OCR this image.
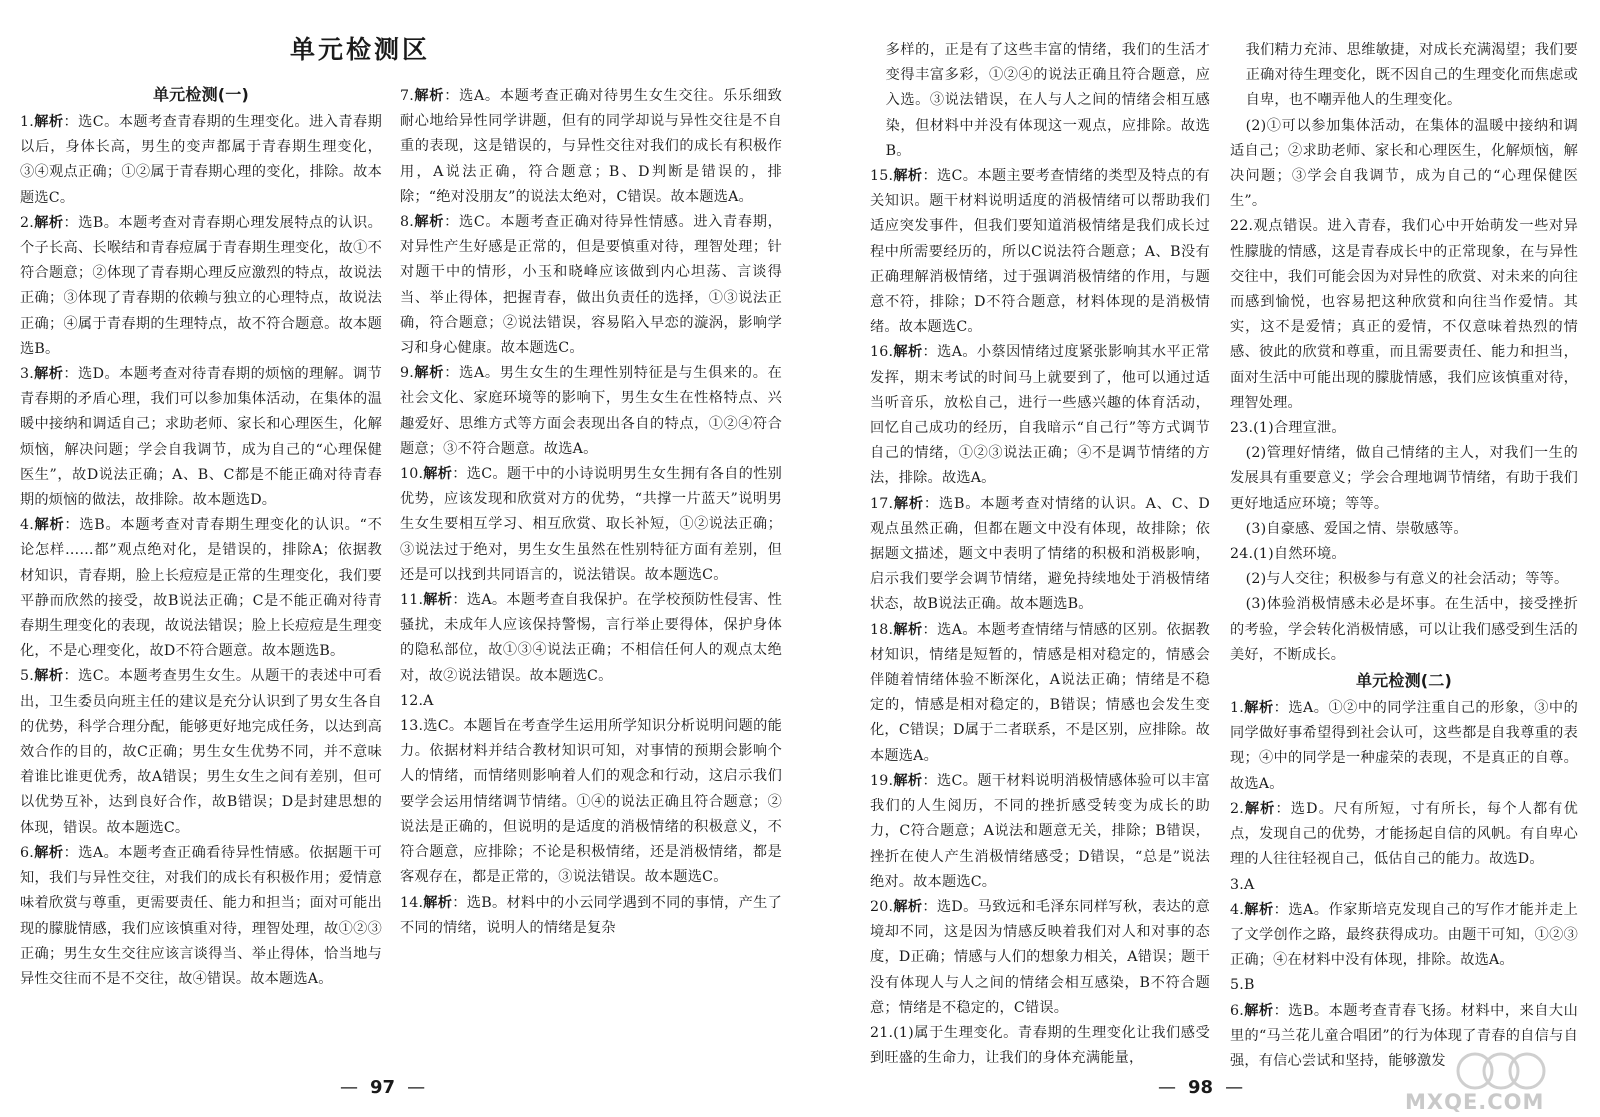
单元检测区
单元检测(一)

1.解析：选C。本题考查青春期的生理变化。进入青春期以后，身体长高，男生的变声都属于青春期生理变化，③④观点正确；①②属于青春期心理的变化，排除。故本题选C。

2.解析：选B。本题考查对青春期心理发展特点的认识。个子长高、长喉结和青春痘属于青春期生理变化，故①不符合题意；②体现了青春期心理反应激烈的特点，故说法正确；③体现了青春期的依赖与独立的心理特点，故说法正确；④属于青春期的生理特点，故不符合题意。故本题选B。

3.解析：选D。本题考查对待青春期的烦恼的理解。调节青春期的矛盾心理，我们可以参加集体活动，在集体的温暖中接纳和调适自己；求助老师、家长和心理医生，化解烦恼，解决问题；学会自我调节，成为自己的“心理保健医生”，故D说法正确；A、B、C都是不能正确对待青春期的烦恼的做法，故排除。故本题选D。

4.解析：选B。本题考查对青春期生理变化的认识。“不论怎样……都”观点绝对化，是错误的，排除A；依据教材知识，青春期，脸上长痘痘是正常的生理变化，我们要平静而欣然的接受，故B说法正确；C是不能正确对待青春期生理变化的表现，故说法错误；脸上长痘痘是生理变化，不是心理变化，故D不符合题意。故本题选B。

5.解析：选C。本题考查男生女生。从题干的表述中可看出，卫生委员向班主任的建议是充分认识到了男女生各自的优势，科学合理分配，能够更好地完成任务，以达到高效合作的目的，故C正确；男生女生优势不同，并不意味着谁比谁更优秀，故A错误；男生女生之间有差别，但可以优势互补，达到良好合作，故B错误；D是封建思想的体现，错误。故本题选C。

6.解析：选A。本题考查正确看待异性情感。依据题干可知，我们与异性交往，对我们的成长有积极作用；爱情意味着欣赏与尊重，更需要责任、能力和担当；面对可能出现的朦胧情感，我们应该慎重对待，理智处理，故①②③正确；男生女生交往应该言谈得当、举止得体，恰当地与异性交往而不是不交往，故④错误。故本题选A。

7.解析：选A。本题考查正确对待男生女生交往。乐乐细致耐心地给异性同学讲题，但有的同学却说与异性交往是不自重的表现，这是错误的，与异性交往对我们的成长有积极作用，A说法正确，符合题意；B、D判断是错误的，排除；“绝对没朋友”的说法太绝对，C错误。故本题选A。

8.解析：选C。本题考查正确对待异性情感。进入青春期，对异性产生好感是正常的，但是要慎重对待，理智处理；针对题干中的情形，小玉和晓峰应该做到内心坦荡、言谈得当、举止得体，把握青春，做出负责任的选择，①③说法正确，符合题意；②说法错误，容易陷入早恋的漩涡，影响学习和身心健康。故本题选C。

9.解析：选A。男生女生的生理性别特征是与生俱来的。在社会文化、家庭环境等的影响下，男生女生在性格特点、兴趣爱好、思维方式等方面会表现出各自的特点，①②④符合题意；③不符合题意。故选A。

10.解析：选C。题干中的小诗说明男生女生拥有各自的性别优势，应该发现和欣赏对方的优势，“共撑一片蓝天”说明男生女生要相互学习、相互欣赏、取长补短，①②说法正确；③说法过于绝对，男生女生虽然在性别特征方面有差别，但还是可以找到共同语言的，说法错误。故本题选C。

11.解析：选A。本题考查自我保护。在学校预防性侵害、性骚扰，未成年人应该保持警惕，言行举止要得体，保护身体的隐私部位，故①③④说法正确；不相信任何人的观点太绝对，故②说法错误。故本题选C。

12.A

13.选C。本题旨在考查学生运用所学知识分析说明问题的能力。依据材料并结合教材知识可知，对事情的预期会影响个人的情绪，而情绪则影响着人们的观念和行动，这启示我们要学会运用情绪调节情绪。①④的说法正确且符合题意；②说法是正确的，但说明的是适度的消极情绪的积极意义，不符合题意，应排除；不论是积极情绪，还是消极情绪，都是客观存在，都是正常的，③说法错误。故本题选C。

14.解析：选B。材料中的小云同学遇到不同的事情，产生了不同的情绪，说明人的情绪是复杂

— 97 —

多样的，正是有了这些丰富的情绪，我们的生活才变得丰富多彩，①②④的说法正确且符合题意，应入选。③说法错误，在人与人之间的情绪会相互感染，但材料中并没有体现这一观点，应排除。故选B。

15.解析：选C。本题主要考查情绪的类型及特点的有关知识。题干材料说明适度的消极情绪可以帮助我们适应突发事件，但我们要知道消极情绪是我们成长过程中所需要经历的，所以C说法符合题意；A、B没有正确理解消极情绪，过于强调消极情绪的作用，与题意不符，排除；D不符合题意，材料体现的是消极情绪。故本题选C。

16.解析：选A。小蔡因情绪过度紧张影响其水平正常发挥，期末考试的时间马上就要到了，他可以通过适当听音乐，放松自己，进行一些感兴趣的体育活动，回忆自己成功的经历，自我暗示“自己行”等方式调节自己的情绪，①②③说法正确；④不是调节情绪的方法，排除。故选A。

17.解析：选B。本题考查对情绪的认识。A、C、D观点虽然正确，但都在题文中没有体现，故排除；依据题文描述，题文中表明了情绪的积极和消极影响，启示我们要学会调节情绪，避免持续地处于消极情绪状态，故B说法正确。故本题选B。

18.解析：选A。本题考查情绪与情感的区别。依据教材知识，情绪是短暂的，情感是相对稳定的，情感会伴随着情绪体验不断深化，A说法正确；情绪是不稳定的，情感是相对稳定的，B错误；情感也会发生变化，C错误；D属于二者联系，不是区别，应排除。故本题选A。

19.解析：选C。题干材料说明消极情感体验可以丰富我们的人生阅历，不同的挫折感受转变为成长的助力，C符合题意；A说法和题意无关，排除；B错误，挫折在使人产生消极情绪感受；D错误，“总是”说法绝对。故本题选C。

20.解析：选D。马致远和毛泽东同样写秋，表达的意境却不同，这是因为情感反映着我们对人和对事的态度，D正确；情感与人们的想象力相关，A错误；题干没有体现人与人之间的情绪会相互感染，B不符合题意；情绪是不稳定的，C错误。

21.(1)属于生理变化。青春期的生理变化让我们感受到旺盛的生命力，让我们的身体充满能量，

我们精力充沛、思维敏捷，对成长充满渴望；我们要正确对待生理变化，既不因自己的生理变化而焦虑或自卑，也不嘲弄他人的生理变化。

(2)①可以参加集体活动，在集体的温暖中接纳和调适自己；②求助老师、家长和心理医生，化解烦恼，解决问题；③学会自我调节，成为自己的“心理保健医生”。

22.观点错误。进入青春，我们心中开始萌发一些对异性朦胧的情感，这是青春成长中的正常现象，在与异性交往中，我们可能会因为对异性的欣赏、对未来的向往而感到愉悦，也容易把这种欣赏和向往当作爱情。其实，这不是爱情；真正的爱情，不仅意味着热烈的情感、彼此的欣赏和尊重，而且需要责任、能力和担当，面对生活中可能出现的朦胧情感，我们应该慎重对待，理智处理。

23.(1)合理宣泄。

(2)管理好情绪，做自己情绪的主人，对我们一生的发展具有重要意义；学会合理地调节情绪，有助于我们更好地适应环境；等等。

(3)自豪感、爱国之情、崇敬感等。

24.(1)自然环境。

(2)与人交往；积极参与有意义的社会活动；等等。

(3)体验消极情感未必是坏事。在生活中，接受挫折的考验，学会转化消极情感，可以让我们感受到生活的美好，不断成长。

单元检测(二)

1.解析：选A。①②中的同学注重自己的形象，③中的同学做好事希望得到社会认可，这些都是自我尊重的表现；④中的同学是一种虚荣的表现，不是真正的自尊。故选A。

2.解析：选D。尺有所短，寸有所长，每个人都有优点，发现自己的优势，才能扬起自信的风帆。有自卑心理的人往往轻视自己，低估自己的能力。故选D。

3.A

4.解析：选A。作家斯培克发现自己的写作才能并走上了文学创作之路，最终获得成功。由题干可知，①②③正确；④在材料中没有体现，排除。故选A。

5.B

6.解析：选B。本题考查青春飞扬。材料中，来自大山里的“马兰花儿童合唱团”的行为体现了青春的自信与自强，有信心尝试和坚持，能够激发

— 98 —
MXQE.COM
